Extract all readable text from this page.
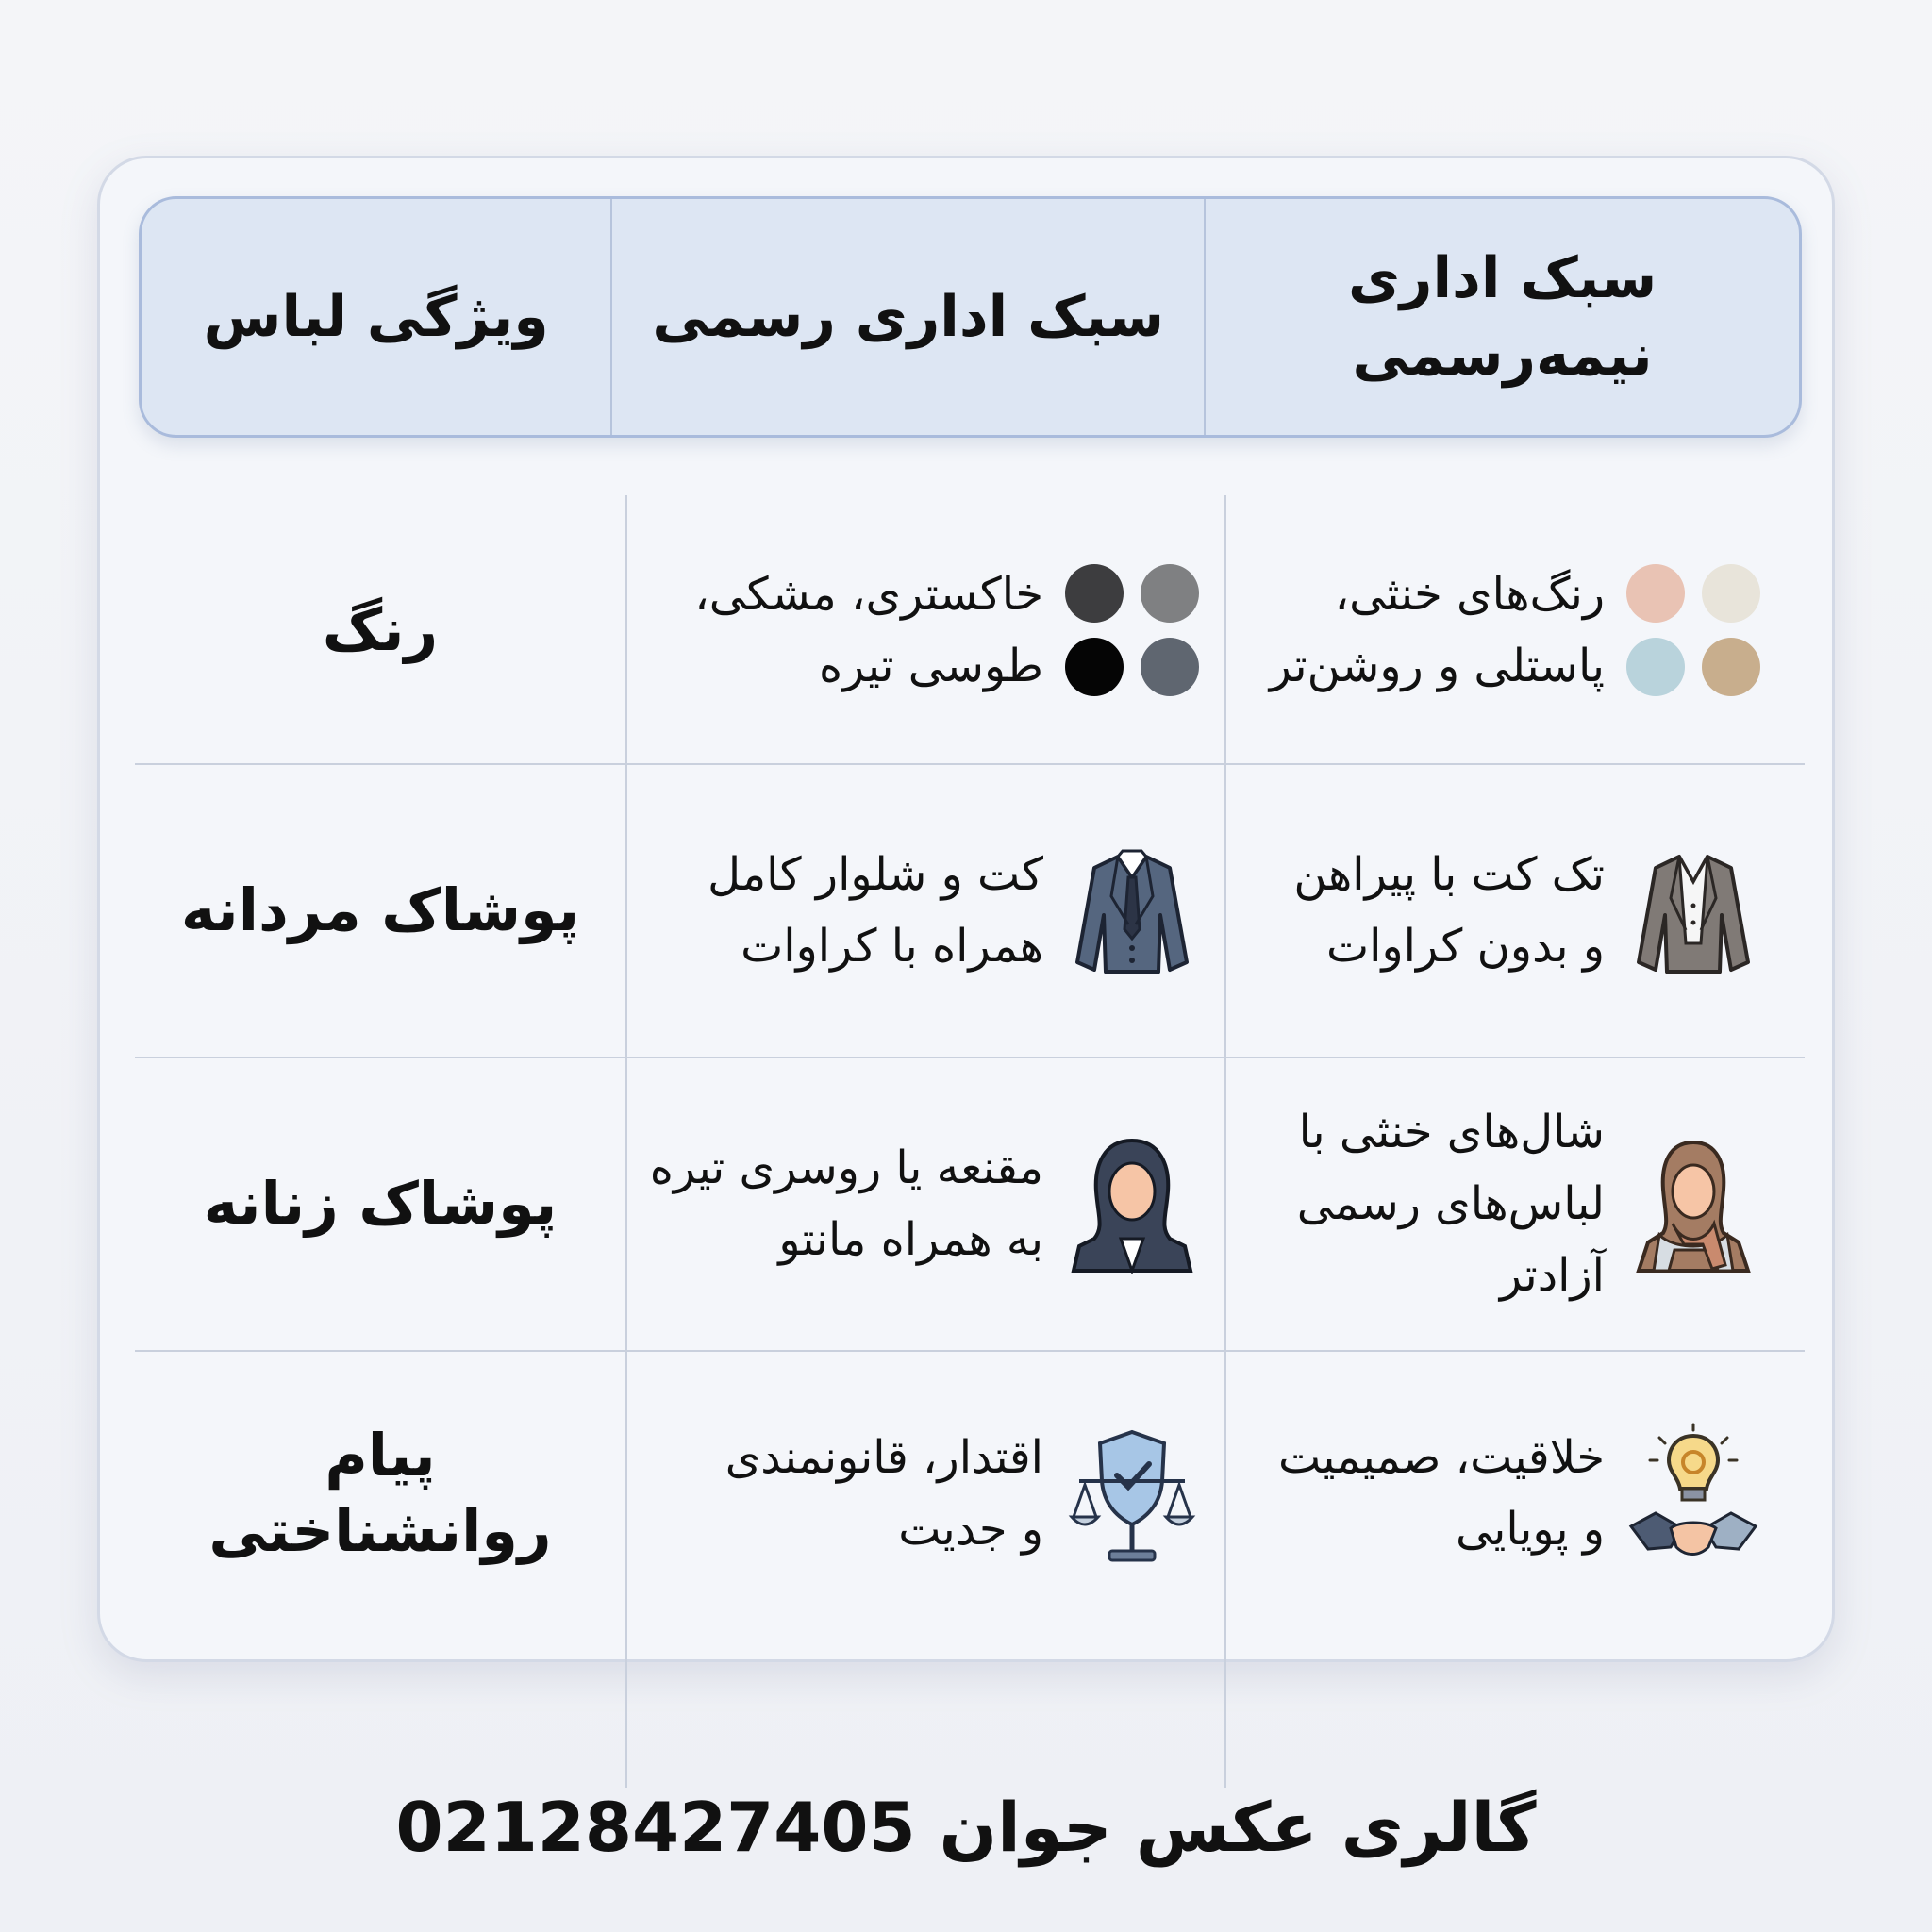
سبک اداری
نیمه‌رسمی
سبک اداری رسمی
ویژگی لباس
رنگ
خاکستری، مشکی،
طوسی تیره
رنگ‌های خنثی،
پاستلی و روشن‌تر
پوشاک مردانه
کت و شلوار کامل
همراه با کراوات
تک کت با پیراهن
و بدون کراوات
پوشاک زنانه
مقنعه یا روسری تیره
به همراه مانتو
شال‌های خنثی با
لباس‌های رسمی
آزادتر
پیام
روانشناختی
اقتدار، قانونمندی
و جدیت
خلاقیت، صمیمیت
و پویایی
گالری عکس جوان 02128427405
